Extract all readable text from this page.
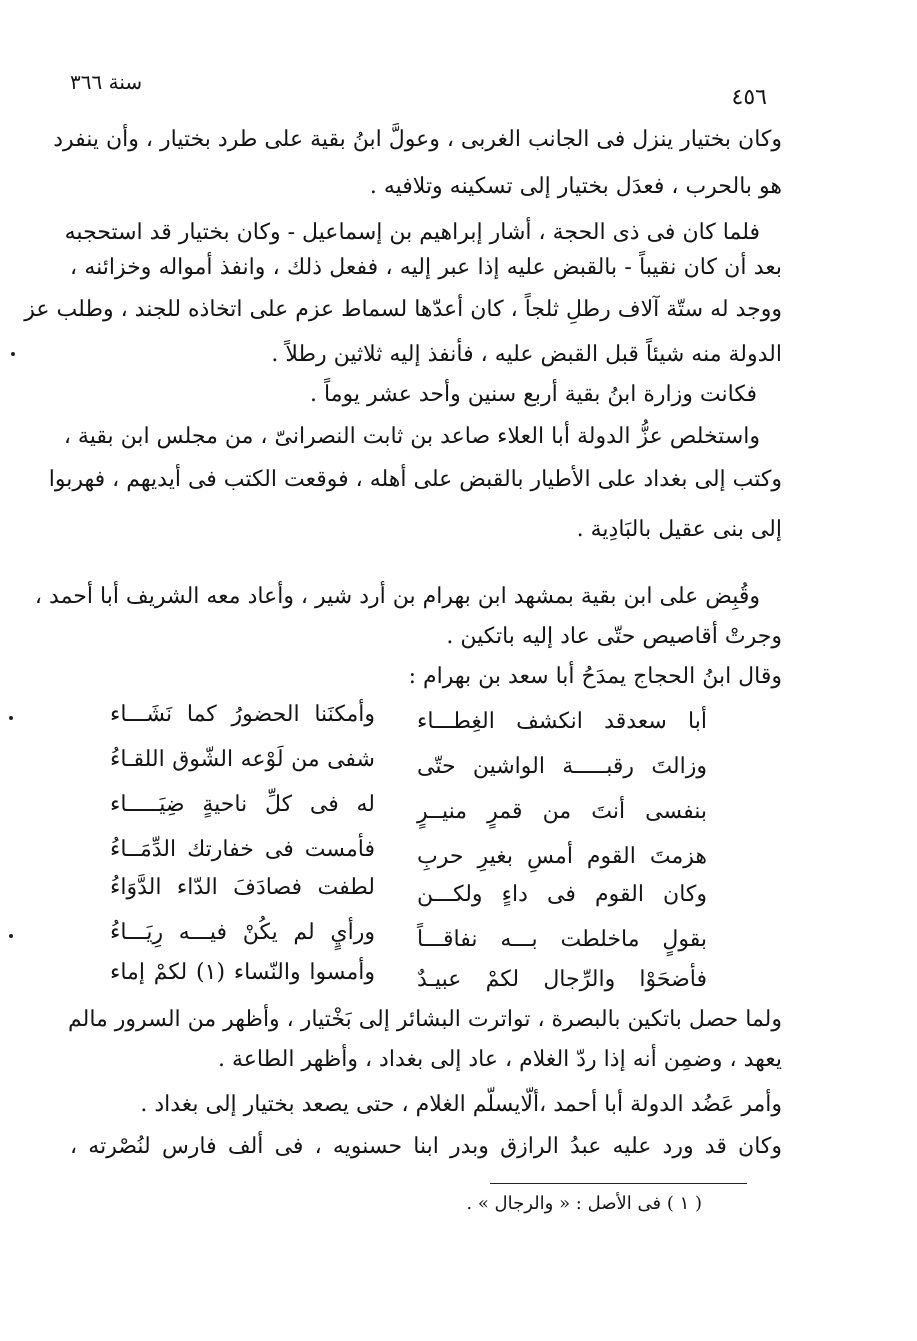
سنة ٣٦٦
٤٥٦
وكان بختيار ينزل فى الجانب الغربى ، وعولَّ ابنُ بقية على طرد بختيار ، وأن ينفرد
هو بالحرب ، فعدَل بختيار إلى تسكينه وتلافيه .
فلما كان فى ذى الحجة ، أشار إبراهيم بن إسماعيل - وكان بختيار قد استحجبه
بعد أن كان نقيباً - بالقبض عليه إذا عبر إليه ، ففعل ذلك ، وانفذ أمواله وخزائنه ،
ووجد له ستّة آلاف رطلِ ثلجاً ، كان أعدّها لسماط عزم على اتخاذه للجند ، وطلب عز
الدولة منه شيئاً قبل القبض عليه ، فأنفذ إليه ثلاثين رطلاً .
فكانت وزارة ابنُ بقية أربع سنين وأحد عشر يوماً .
واستخلص عزُّ الدولة أبا العلاء صاعد بن ثابت النصرانىّ ، من مجلس ابن بقية ،
وكتب إلى بغداد على الأطيار بالقبض على أهله ، فوقعت الكتب فى أيديهم ، فهربوا
إلى بنى عقيل بالبَادِية .
وقُبِض على ابن بقية بمشهد ابن بهرام بن أرد شير ، وأعاد معه الشريف أبا أحمد ،
وجرتْ أقاصيص حتّى عاد إليه باتكين .
وقال ابنُ الحجاج يمدَحُ أبا سعد بن بهرام :
أبا سعدقد انكشف الغِطـــاء
وأمكنَنا الحضورُ كما نَشَـــاء
وزالتَ رقبـــــة الواشين حتّى
شفى من لَوْعه الشّوق اللقـاءُ
بنفسى أنتَ من قمرٍ منيــرٍ
له فى كلِّ ناحيةٍ ضِيَـــــاء
هزمتَ القوم أمسِ بغيرِ حربِ
فأمست فى خفارتك الدِّمَــاءُ
وكان القوم فى داءٍ ولكـــن
لطفت فصادَفَ الدّاء الدَّوَاءُ
بقولٍ ماخلطت بـــه نفاقـــاً
ورأيٍ لم يكُنْ فيـــه رِيَـــاءُ
فأضحَوْا والرِّجال لكمْ عبيـدٌ
وأمسوا والنّساء (١) لكمْ إماء
ولما حصل باتكين بالبصرة ، تواترت البشائر إلى بَخْتيار ، وأظهر من السرور مالم
يعهد ، وضمِن أنه إذا ردّ الغلام ، عاد إلى بغداد ، وأظهر الطاعة .
وأمر عَضُد الدولة أبا أحمد ،ألّايسلّم الغلام ، حتى يصعد بختيار إلى بغداد .
وكان قد ورد عليه عبدُ الرازق وبدر ابنا حسنويه ، فى ألف فارس لنُصْرته ،
( ١ ) فى الأصل : « والرجال » .
